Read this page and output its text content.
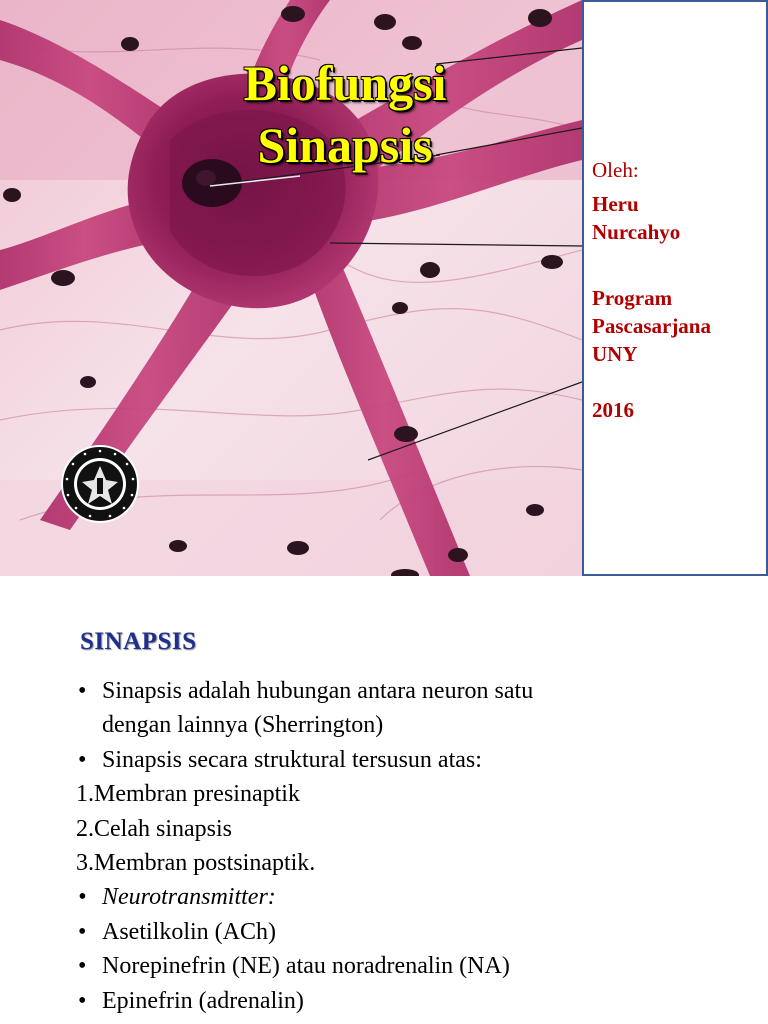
Biofungsi
Sinapsis	Oleh:
Heru
Nurcahyo
Program
Pascasarjana
UNY
2016
SINAPSIS
• Sinapsis adalah hubungan antara neuron satu
dengan lainnya (Sherrington)
• Sinapsis secara struktural tersusun atas:
1.Membran presinaptik
2.Celah sinapsis
3.Membran postsinaptik.
• Neurotransmitter:
• Asetilkolin (ACh)
• Norepinefrin (NE) atau noradrenalin (NA)
• Epinefrin (adrenalin)
